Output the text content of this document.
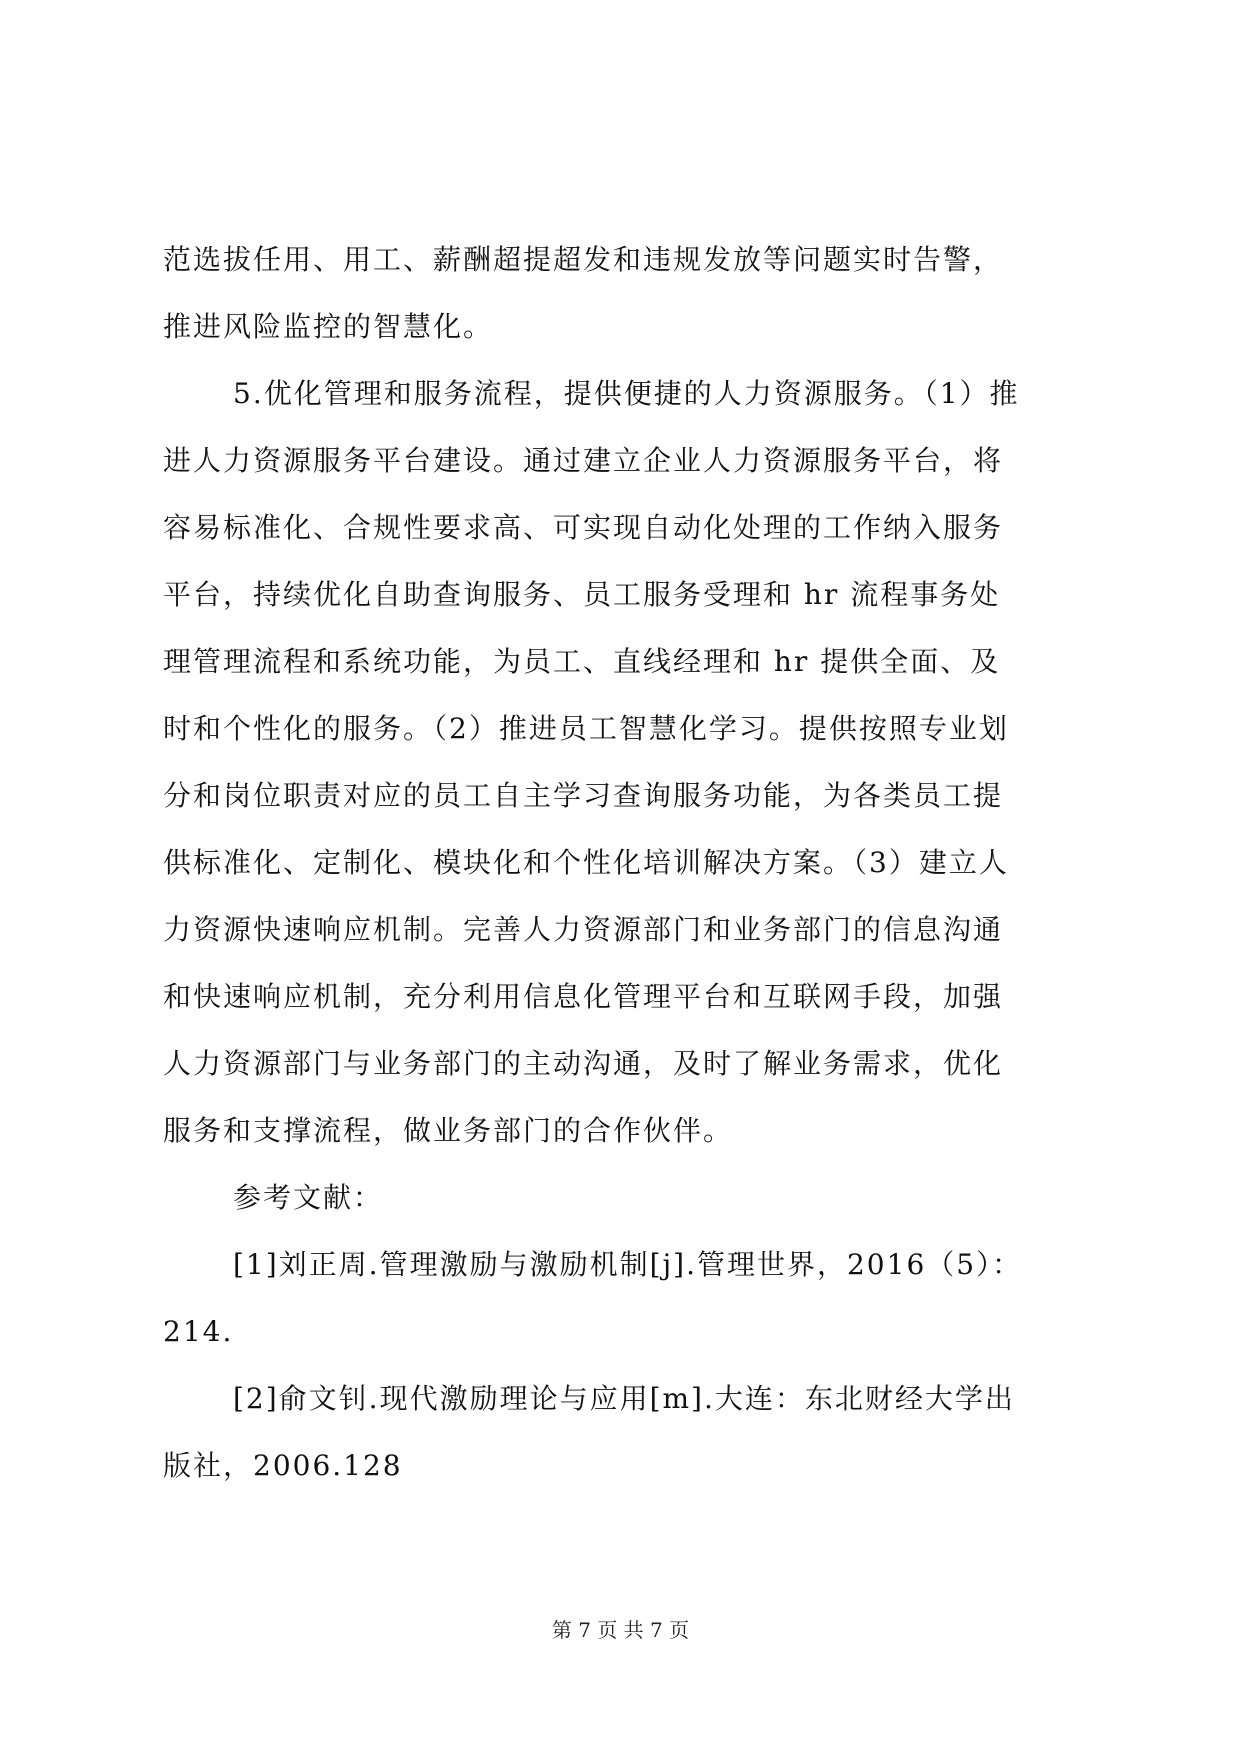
范选拔任用、用工、薪酬超提超发和违规发放等问题实时告警，
推进风险监控的智慧化。
5.优化管理和服务流程，提供便捷的人力资源服务。（1）推
进人力资源服务平台建设。通过建立企业人力资源服务平台，将
容易标准化、合规性要求高、可实现自动化处理的工作纳入服务
平台，持续优化自助查询服务、员工服务受理和 hr 流程事务处
理管理流程和系统功能，为员工、直线经理和 hr 提供全面、及
时和个性化的服务。（2）推进员工智慧化学习。提供按照专业划
分和岗位职责对应的员工自主学习查询服务功能，为各类员工提
供标准化、定制化、模块化和个性化培训解决方案。（3）建立人
力资源快速响应机制。完善人力资源部门和业务部门的信息沟通
和快速响应机制，充分利用信息化管理平台和互联网手段，加强
人力资源部门与业务部门的主动沟通，及时了解业务需求，优化
服务和支撑流程，做业务部门的合作伙伴。
参考文献：
[1]刘正周.管理激励与激励机制[j].管理世界，2016（5）：
214.
[2]俞文钊.现代激励理论与应用[m].大连：东北财经大学出
版社，2006.128
第 7 页 共 7 页
